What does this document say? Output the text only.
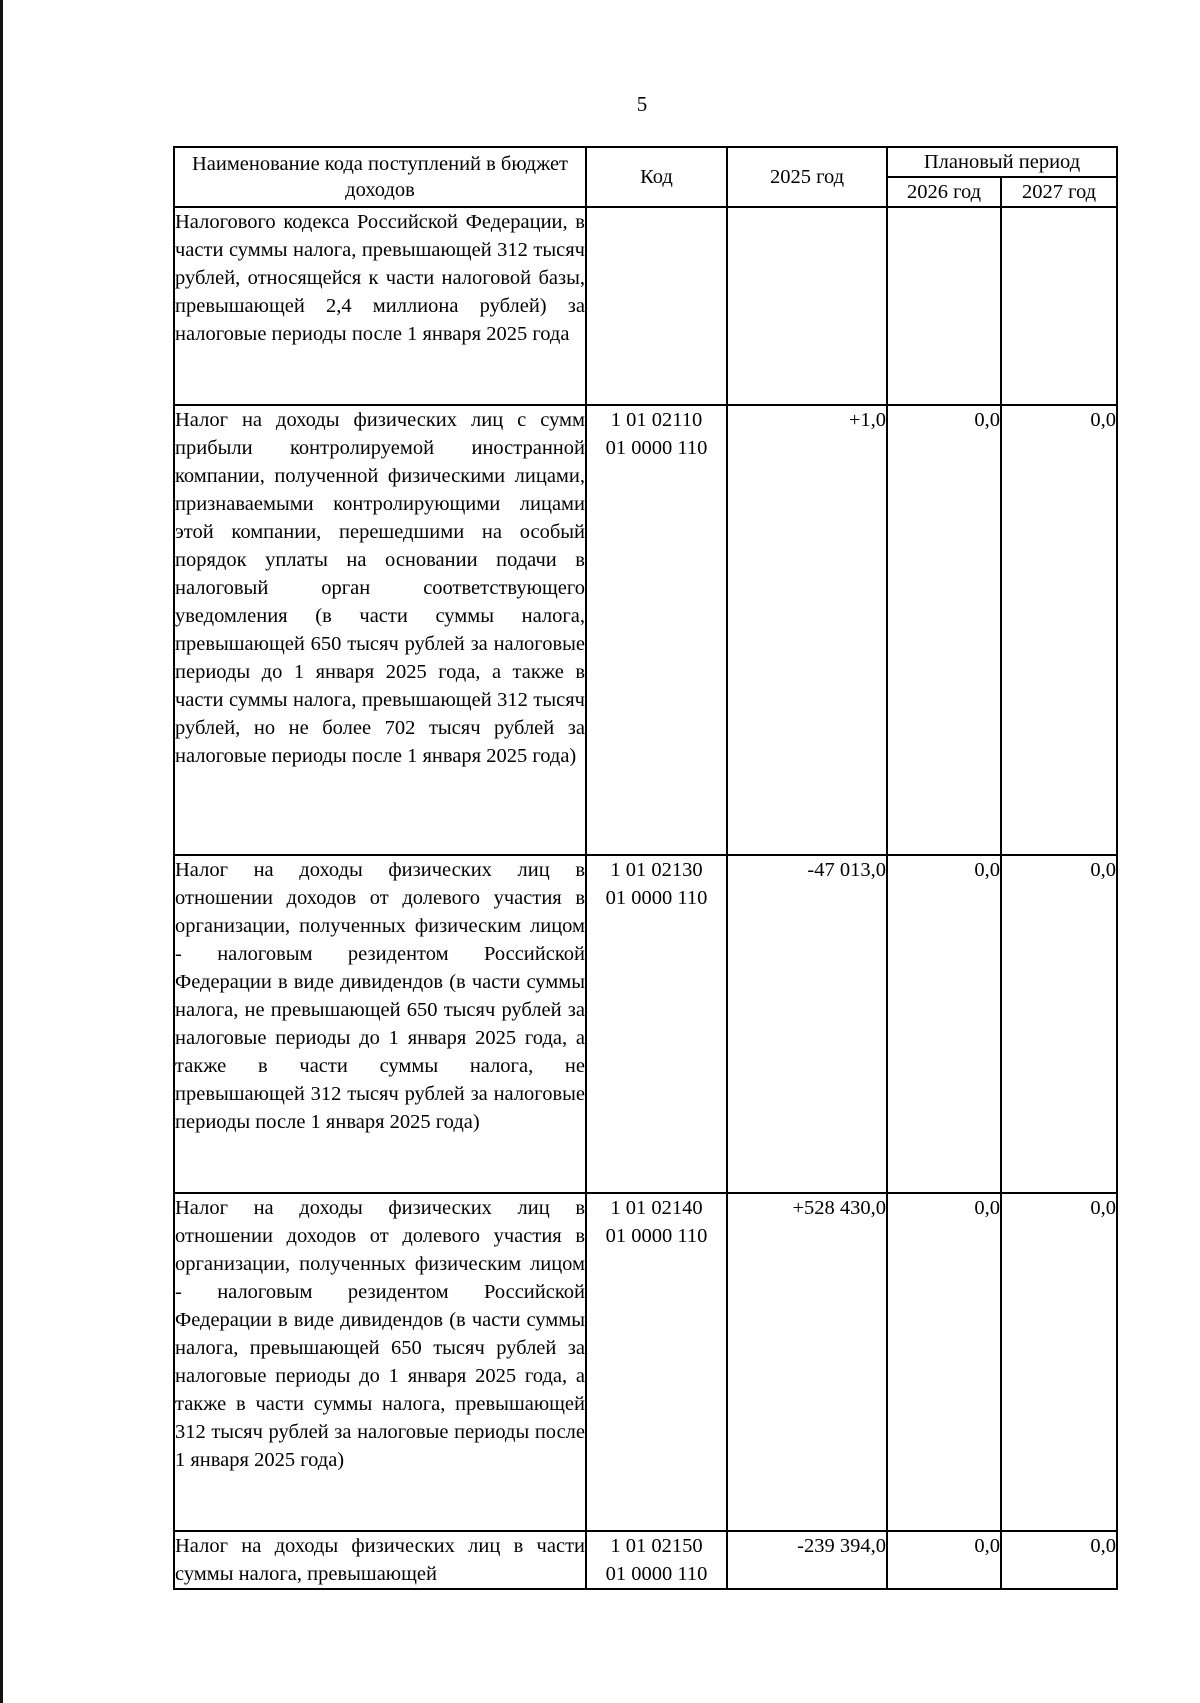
5
Наименование кода поступлений в бюджет доходов	Код	2025 год	Плановый период	
			2026 год	2027 год
Налогового кодекса Российской Федерации, в части суммы налога, превышающей 312 тысяч рублей, относящейся к части налоговой базы, превышающей 2,4 миллиона рублей) за налоговые периоды после 1 января 2025 года	

Налог на доходы физических лиц с сумм прибыли контролируемой иностранной компании, полученной физическими лицами, признаваемыми контролирующими лицами этой компании, перешедшими на особый порядок уплаты на основании подачи в налоговый орган соответствующего уведомления (в части суммы налога, превышающей 650 тысяч рублей за налоговые периоды до 1 января 2025 года, а также в части суммы налога, превышающей 312 тысяч рублей, но не более 702 тысяч рублей за налоговые периоды после 1 января 2025 года)	1 01 02110
01 0000 110	+1,0	0,0	0,0
Налог на доходы физических лиц в отношении доходов от долевого участия в организации, полученных физическим лицом - налоговым резидентом Российской Федерации в виде дивидендов (в части суммы налога, не превышающей 650 тысяч рублей за налоговые периоды до 1 января 2025 года, а также в части суммы налога, не превышающей 312 тысяч рублей за налоговые периоды после 1 января 2025 года)	1 01 02130
01 0000 110	-47 013,0	0,0	0,0
Налог на доходы физических лиц в отношении доходов от долевого участия в организации, полученных физическим лицом - налоговым резидентом Российской Федерации в виде дивидендов (в части суммы налога, превышающей 650 тысяч рублей за налоговые периоды до 1 января 2025 года, а также в части суммы налога, превышающей 312 тысяч рублей за налоговые периоды после 1 января 2025 года)	1 01 02140
01 0000 110	+528 430,0	0,0	0,0
Налог на доходы физических лиц в части суммы налога, превышающей	1 01 02150
01 0000 110	-239 394,0	0,0	0,0
